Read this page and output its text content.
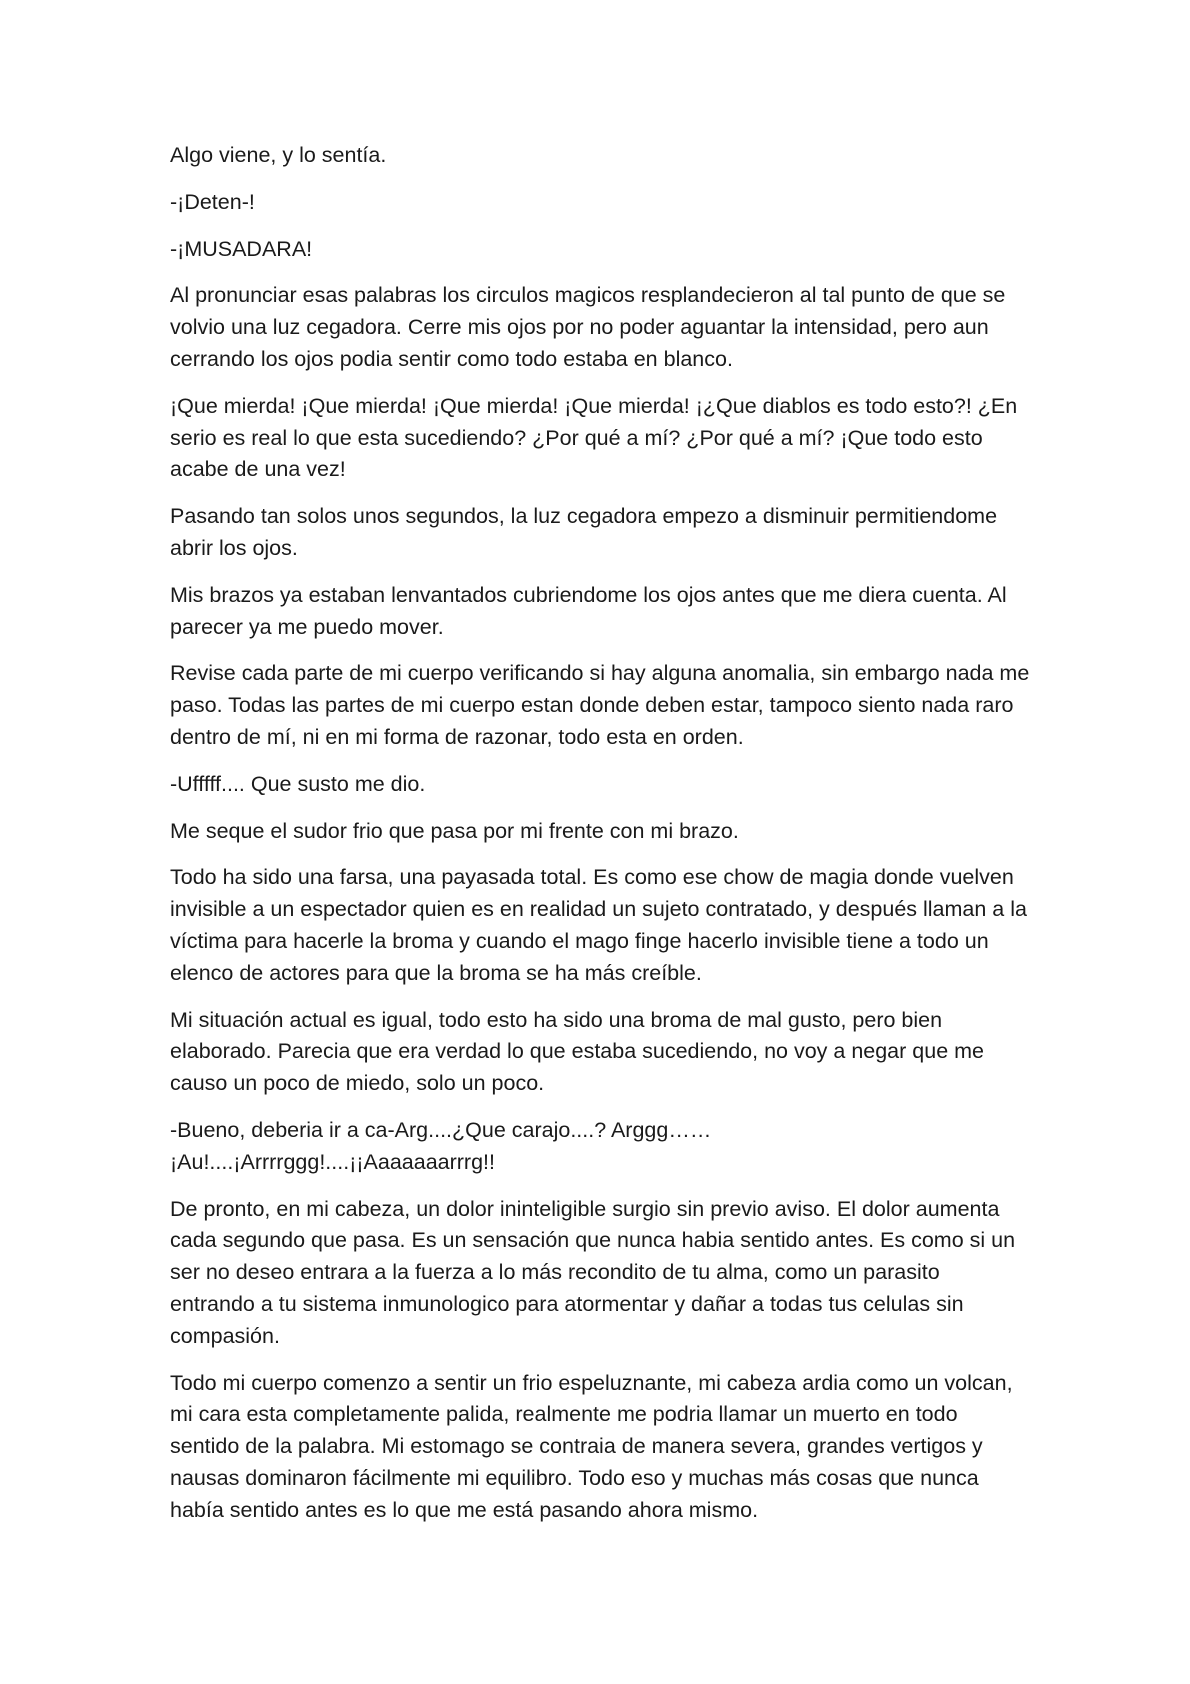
Algo viene, y lo sentía.

-¡Deten-!

-¡MUSADARA!

Al pronunciar esas palabras los circulos magicos resplandecieron al tal punto de que se volvio una luz cegadora. Cerre mis ojos por no poder aguantar la intensidad, pero aun cerrando los ojos podia sentir como todo estaba en blanco.

¡Que mierda! ¡Que mierda! ¡Que mierda! ¡Que mierda! ¡¿Que diablos es todo esto?! ¿En serio es real lo que esta sucediendo? ¿Por qué a mí? ¿Por qué a mí? ¡Que todo esto acabe de una vez!

Pasando tan solos unos segundos, la luz cegadora empezo a disminuir permitiendome abrir los ojos.

Mis brazos ya estaban lenvantados cubriendome los ojos antes que me diera cuenta. Al parecer ya me puedo mover.

Revise cada parte de mi cuerpo verificando si hay alguna anomalia, sin embargo nada me paso. Todas las partes de mi cuerpo estan donde deben estar, tampoco siento nada raro dentro de mí, ni en mi forma de razonar, todo esta en orden.

-Ufffff.... Que susto me dio.

Me seque el sudor frio que pasa por mi frente con mi brazo.

Todo ha sido una farsa, una payasada total. Es como ese chow de magia donde vuelven invisible a un espectador quien es en realidad un sujeto contratado, y después llaman a la víctima para hacerle la broma y cuando el mago finge hacerlo invisible tiene a todo un elenco de actores para que la broma se ha más creíble.

Mi situación actual es igual, todo esto ha sido una broma de mal gusto, pero bien elaborado. Parecia que era verdad lo que estaba sucediendo, no voy a negar que me causo un poco de miedo, solo un poco.

-Bueno, deberia ir a ca-Arg....¿Que carajo....? Arggg……
¡Au!....¡Arrrrggg!....¡¡Aaaaaaarrrg!!

De pronto, en mi cabeza, un dolor ininteligible surgio sin previo aviso. El dolor aumenta cada segundo que pasa. Es un sensación que nunca habia sentido antes. Es como si un ser no deseo entrara a la fuerza a lo más recondito de tu alma, como un parasito entrando a tu sistema inmunologico para atormentar y dañar a todas tus celulas sin compasión.

Todo mi cuerpo comenzo a sentir un frio espeluznante, mi cabeza ardia como un volcan, mi cara esta completamente palida, realmente me podria llamar un muerto en todo sentido de la palabra. Mi estomago se contraia de manera severa, grandes vertigos y nausas dominaron fácilmente mi equilibro. Todo eso y muchas más cosas que nunca había sentido antes es lo que me está pasando ahora mismo.
